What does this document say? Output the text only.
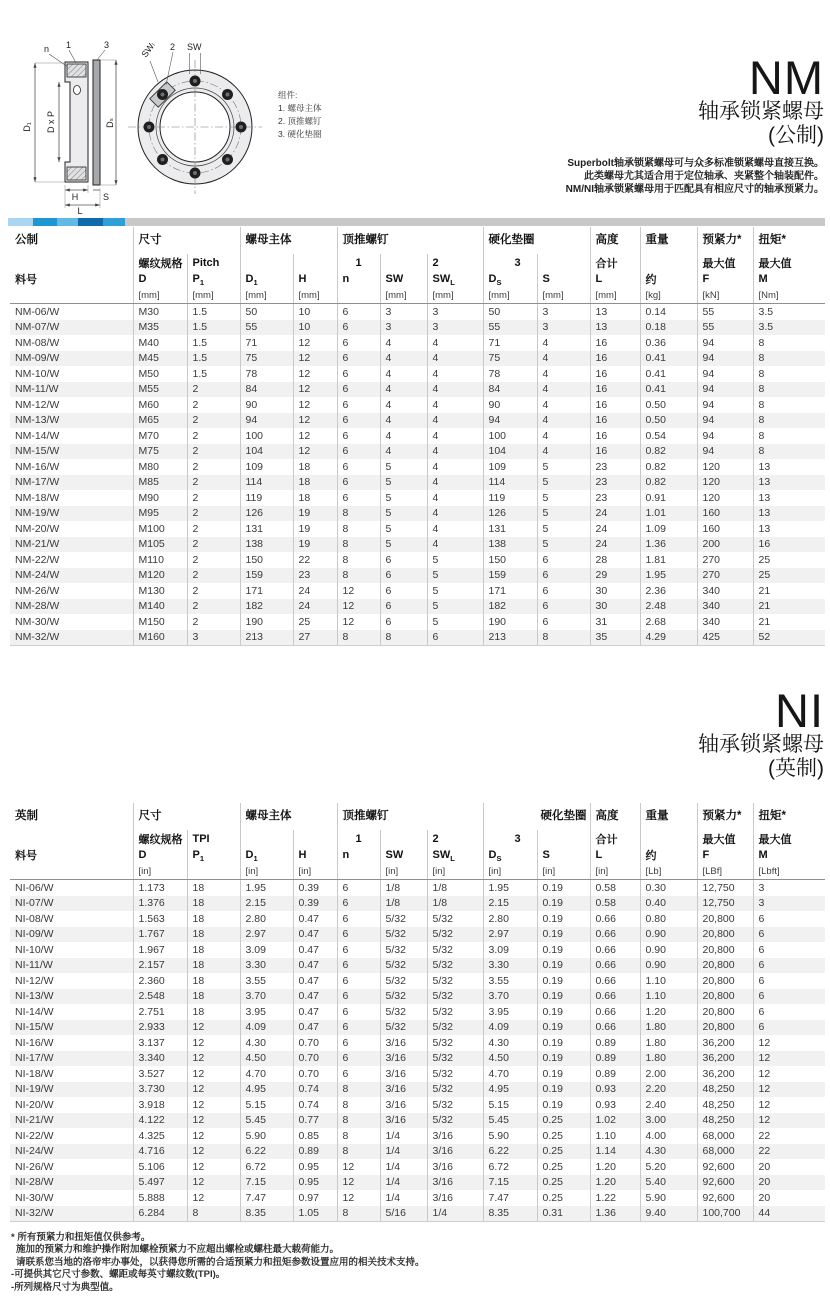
D₁ D x P	Dₛ
n 1	3
H	S
L
SWₗ 2 SW
组件:
1. 螺母主体
2. 顶推螺钉
3. 硬化垫圈
NM
轴承锁紧螺母
(公制)
Superbolt轴承锁紧螺母可与众多标准锁紧螺母直接互换。
此类螺母尤其适合用于定位轴承、夹紧整个轴装配件。
NM/NI轴承锁紧螺母用于匹配具有相应尺寸的轴承预紧力。
公制	尺寸		螺母主体		顶推螺钉			硬化垫圈		高度	重量	预紧力*	扭矩*
	螺纹规格	Pitch			1		2	3		合计		最大值	最大值
料号	D	$P_1$	$D_1$	H	n	SW	$SW_L$	$D_S$	S	L	约	F	M
	[mm]	[mm]	[mm]	[mm]		[mm]	[mm]	[mm]	[mm]	[mm]	[kg]	[kN]	[Nm]
NM-06/W	M30	1.5	50	10	6	3	3	50	3	13	0.14	55	3.5
NM-07/W	M35	1.5	55	10	6	3	3	55	3	13	0.18	55	3.5
NM-08/W	M40	1.5	71	12	6	4	4	71	4	16	0.36	94	8
NM-09/W	M45	1.5	75	12	6	4	4	75	4	16	0.41	94	8
NM-10/W	M50	1.5	78	12	6	4	4	78	4	16	0.41	94	8
NM-11/W	M55	2	84	12	6	4	4	84	4	16	0.41	94	8
NM-12/W	M60	2	90	12	6	4	4	90	4	16	0.50	94	8
NM-13/W	M65	2	94	12	6	4	4	94	4	16	0.50	94	8
NM-14/W	M70	2	100	12	6	4	4	100	4	16	0.54	94	8
NM-15/W	M75	2	104	12	6	4	4	104	4	16	0.82	94	8
NM-16/W	M80	2	109	18	6	5	4	109	5	23	0.82	120	13
NM-17/W	M85	2	114	18	6	5	4	114	5	23	0.82	120	13
NM-18/W	M90	2	119	18	6	5	4	119	5	23	0.91	120	13
NM-19/W	M95	2	126	19	8	5	4	126	5	24	1.01	160	13
NM-20/W	M100	2	131	19	8	5	4	131	5	24	1.09	160	13
NM-21/W	M105	2	138	19	8	5	4	138	5	24	1.36	200	16
NM-22/W	M110	2	150	22	8	6	5	150	6	28	1.81	270	25
NM-24/W	M120	2	159	23	8	6	5	159	6	29	1.95	270	25
NM-26/W	M130	2	171	24	12	6	5	171	6	30	2.36	340	21
NM-28/W	M140	2	182	24	12	6	5	182	6	30	2.48	340	21
NM-30/W	M150	2	190	25	12	6	5	190	6	31	2.68	340	21
NM-32/W	M160	3	213	27	8	8	6	213	8	35	4.29	425	52
NI
轴承锁紧螺母
(英制)
英制	尺寸		螺母主体		顶推螺钉			硬化垫圈		高度	重量	预紧力*	扭矩*
	螺纹规格	TPI			1		2	3		合计		最大值	最大值
料号	D	$P_1$	$D_1$	H	n	SW	$SW_L$	$D_S$	S	L	约	F	M
	[in]		[in]	[in]		[in]	[in]	[in]	[in]	[in]	[Lb]	[LBf]	[Lbft]
NI-06/W	1.173	18	1.95	0.39	6	1/8	1/8	1.95	0.19	0.58	0.30	12,750	3
NI-07/W	1.376	18	2.15	0.39	6	1/8	1/8	2.15	0.19	0.58	0.40	12,750	3
NI-08/W	1.563	18	2.80	0.47	6	5/32	5/32	2.80	0.19	0.66	0.80	20,800	6
NI-09/W	1.767	18	2.97	0.47	6	5/32	5/32	2.97	0.19	0.66	0.90	20,800	6
NI-10/W	1.967	18	3.09	0.47	6	5/32	5/32	3.09	0.19	0.66	0.90	20,800	6
NI-11/W	2.157	18	3.30	0.47	6	5/32	5/32	3.30	0.19	0.66	0.90	20,800	6
NI-12/W	2.360	18	3.55	0.47	6	5/32	5/32	3.55	0.19	0.66	1.10	20,800	6
NI-13/W	2.548	18	3.70	0.47	6	5/32	5/32	3.70	0.19	0.66	1.10	20,800	6
NI-14/W	2.751	18	3.95	0.47	6	5/32	5/32	3.95	0.19	0.66	1.20	20,800	6
NI-15/W	2.933	12	4.09	0.47	6	5/32	5/32	4.09	0.19	0.66	1.80	20,800	6
NI-16/W	3.137	12	4.30	0.70	6	3/16	5/32	4.30	0.19	0.89	1.80	36,200	12
NI-17/W	3.340	12	4.50	0.70	6	3/16	5/32	4.50	0.19	0.89	1.80	36,200	12
NI-18/W	3.527	12	4.70	0.70	6	3/16	5/32	4.70	0.19	0.89	2.00	36,200	12
NI-19/W	3.730	12	4.95	0.74	8	3/16	5/32	4.95	0.19	0.93	2.20	48,250	12
NI-20/W	3.918	12	5.15	0.74	8	3/16	5/32	5.15	0.19	0.93	2.40	48,250	12
NI-21/W	4.122	12	5.45	0.77	8	3/16	5/32	5.45	0.25	1.02	3.00	48,250	12
NI-22/W	4.325	12	5.90	0.85	8	1/4	3/16	5.90	0.25	1.10	4.00	68,000	22
NI-24/W	4.716	12	6.22	0.89	8	1/4	3/16	6.22	0.25	1.14	4.30	68,000	22
NI-26/W	5.106	12	6.72	0.95	12	1/4	3/16	6.72	0.25	1.20	5.20	92,600	20
NI-28/W	5.497	12	7.15	0.95	12	1/4	3/16	7.15	0.25	1.20	5.40	92,600	20
NI-30/W	5.888	12	7.47	0.97	12	1/4	3/16	7.47	0.25	1.22	5.90	92,600	20
NI-32/W	6.284	8	8.35	1.05	8	5/16	1/4	8.35	0.31	1.36	9.40	100,700	44
* 所有预紧力和扭矩值仅供参考。
施加的预紧力和维护操作附加螺栓预紧力不应超出螺栓或螺柱最大载荷能力。
请联系您当地的洛帝牢办事处，以获得您所需的合适预紧力和扭矩参数设置应用的相关技术支持。
-可提供其它尺寸参数、螺距或每英寸螺纹数(TPI)。
-所列规格尺寸为典型值。
